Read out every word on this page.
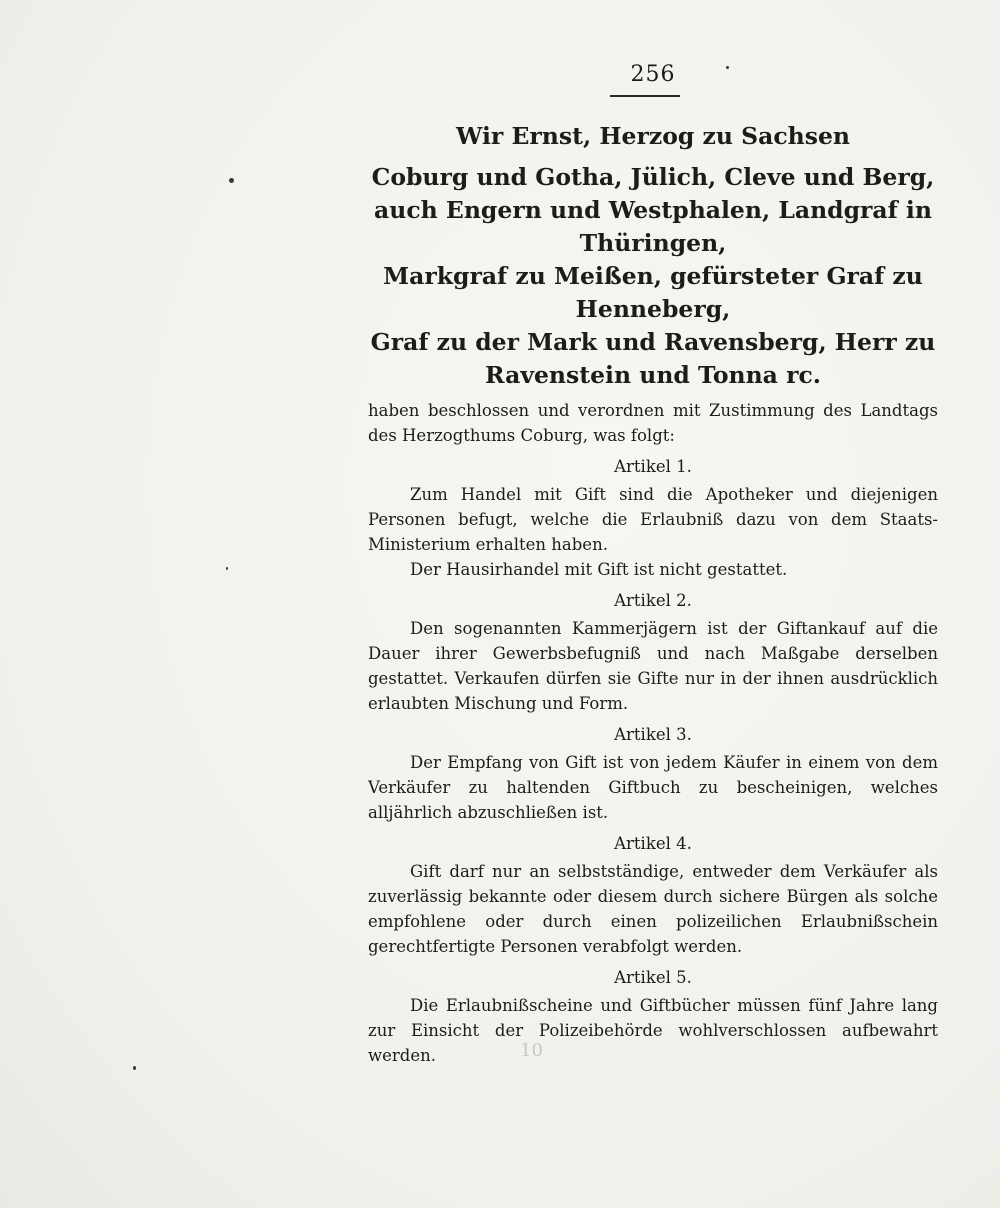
256
Wir Ernst, Herzog zu Sachsen
Coburg und Gotha, Jülich, Cleve und Berg,
auch Engern und Westphalen, Landgraf in Thüringen,
Markgraf zu Meißen, gefürsteter Graf zu Henneberg,
Graf zu der Mark und Ravensberg, Herr zu
Ravenstein und Tonna rc.

haben beschlossen und verordnen mit Zustimmung des Landtags des Herzogthums Coburg, was folgt:

Artikel 1.

Zum Handel mit Gift sind die Apotheker und diejenigen Personen befugt, welche die Erlaubniß dazu von dem Staats-Ministerium erhalten haben.

Der Hausirhandel mit Gift ist nicht gestattet.

Artikel 2.

Den sogenannten Kammerjägern ist der Giftankauf auf die Dauer ihrer Gewerbsbefugniß und nach Maßgabe derselben gestattet. Verkaufen dürfen sie Gifte nur in der ihnen ausdrücklich erlaubten Mischung und Form.

Artikel 3.

Der Empfang von Gift ist von jedem Käufer in einem von dem Verkäufer zu haltenden Giftbuch zu bescheinigen, welches alljährlich abzuschließen ist.

Artikel 4.

Gift darf nur an selbstständige, entweder dem Verkäufer als zuverlässig bekannte oder diesem durch sichere Bürgen als solche empfohlene oder durch einen polizeilichen Erlaubnißschein gerechtfertigte Personen verabfolgt werden.

Artikel 5.

Die Erlaubnißscheine und Giftbücher müssen fünf Jahre lang zur Einsicht der Polizeibehörde wohlverschlossen aufbewahrt werden.	10
